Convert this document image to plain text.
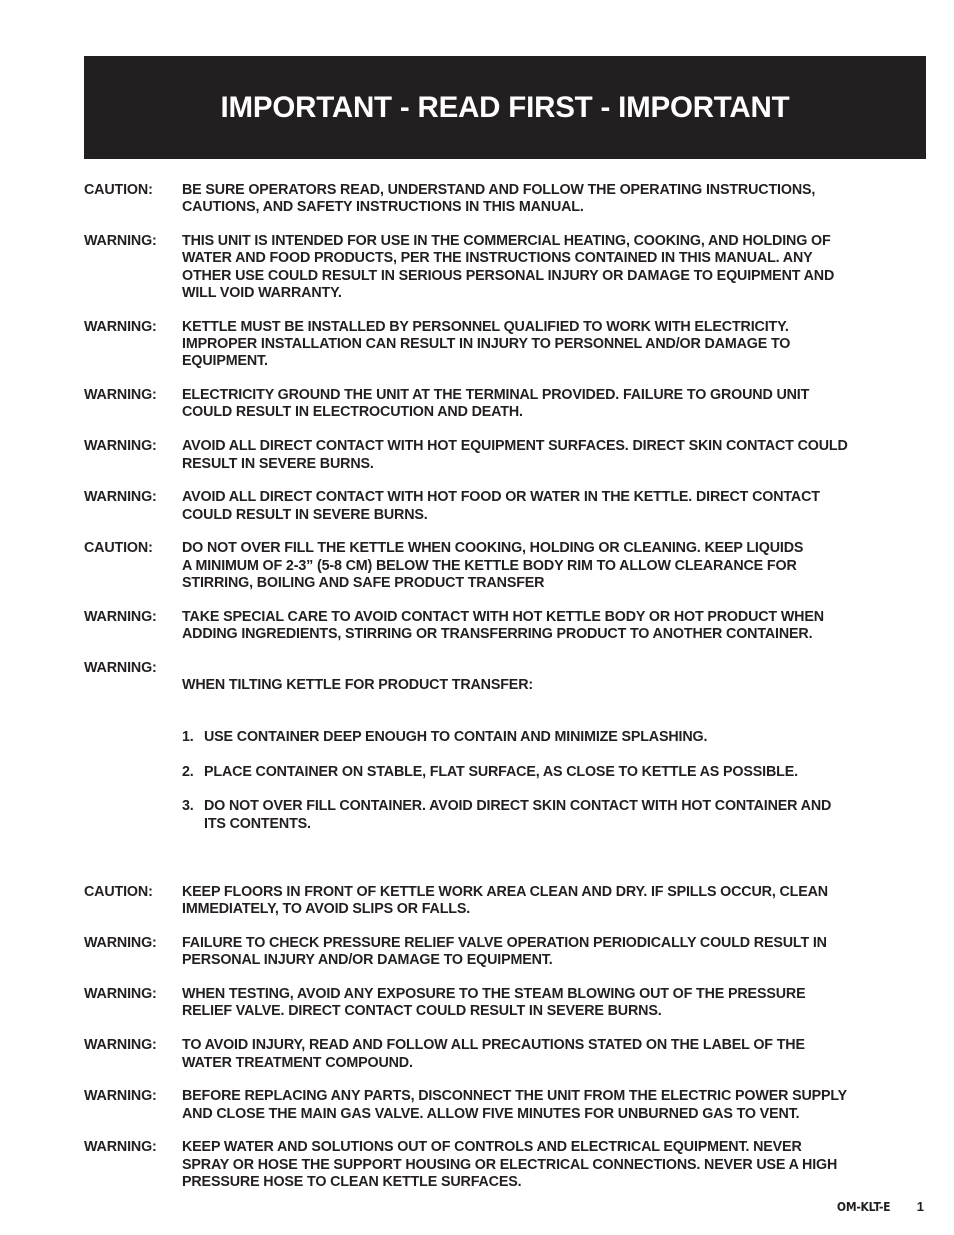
IMPORTANT - READ FIRST - IMPORTANT
CAUTION:	BE SURE OPERATORS READ, UNDERSTAND AND FOLLOW THE OPERATING INSTRUCTIONS,
CAUTIONS, AND SAFETY INSTRUCTIONS IN THIS MANUAL.
WARNING:	THIS UNIT IS INTENDED FOR USE IN THE COMMERCIAL HEATING, COOKING, AND HOLDING OF
WATER AND FOOD PRODUCTS, PER THE INSTRUCTIONS CONTAINED IN THIS MANUAL. ANY
OTHER USE COULD RESULT IN SERIOUS PERSONAL INJURY OR DAMAGE TO EQUIPMENT AND
WILL VOID WARRANTY.
WARNING:	KETTLE MUST BE INSTALLED BY PERSONNEL QUALIFIED TO WORK WITH ELECTRICITY.
IMPROPER INSTALLATION CAN RESULT IN INJURY TO PERSONNEL AND/OR DAMAGE TO
EQUIPMENT.
WARNING:	ELECTRICITY GROUND THE UNIT AT THE TERMINAL PROVIDED. FAILURE TO GROUND UNIT
COULD RESULT IN ELECTROCUTION AND DEATH.
WARNING:	AVOID ALL DIRECT CONTACT WITH HOT EQUIPMENT SURFACES. DIRECT SKIN CONTACT COULD
RESULT IN SEVERE BURNS.
WARNING:	AVOID ALL DIRECT CONTACT WITH HOT FOOD OR WATER IN THE KETTLE. DIRECT CONTACT
COULD RESULT IN SEVERE BURNS.
CAUTION:	DO NOT OVER FILL THE KETTLE WHEN COOKING, HOLDING OR CLEANING. KEEP LIQUIDS
A MINIMUM OF 2-3” (5-8 CM) BELOW THE KETTLE BODY RIM TO ALLOW CLEARANCE FOR
STIRRING, BOILING AND SAFE PRODUCT TRANSFER
WARNING:	TAKE SPECIAL CARE TO AVOID CONTACT WITH HOT KETTLE BODY OR HOT PRODUCT WHEN
ADDING INGREDIENTS, STIRRING OR TRANSFERRING PRODUCT TO ANOTHER CONTAINER.
WARNING:

WHEN TILTING KETTLE FOR PRODUCT TRANSFER:

1. USE CONTAINER DEEP ENOUGH TO CONTAIN AND MINIMIZE SPLASHING.

2. PLACE CONTAINER ON STABLE, FLAT SURFACE, AS CLOSE TO KETTLE AS POSSIBLE.

3. DO NOT OVER FILL CONTAINER. AVOID DIRECT SKIN CONTACT WITH HOT CONTAINER AND
ITS CONTENTS.

CAUTION:	KEEP FLOORS IN FRONT OF KETTLE WORK AREA CLEAN AND DRY. IF SPILLS OCCUR, CLEAN
IMMEDIATELY, TO AVOID SLIPS OR FALLS.
WARNING:	FAILURE TO CHECK PRESSURE RELIEF VALVE OPERATION PERIODICALLY COULD RESULT IN
PERSONAL INJURY AND/OR DAMAGE TO EQUIPMENT.
WARNING:	WHEN TESTING, AVOID ANY EXPOSURE TO THE STEAM BLOWING OUT OF THE PRESSURE
RELIEF VALVE. DIRECT CONTACT COULD RESULT IN SEVERE BURNS.
WARNING:	TO AVOID INJURY, READ AND FOLLOW ALL PRECAUTIONS STATED ON THE LABEL OF THE
WATER TREATMENT COMPOUND.
WARNING:	BEFORE REPLACING ANY PARTS, DISCONNECT THE UNIT FROM THE ELECTRIC POWER SUPPLY
AND CLOSE THE MAIN GAS VALVE. ALLOW FIVE MINUTES FOR UNBURNED GAS TO VENT.
WARNING:	KEEP WATER AND SOLUTIONS OUT OF CONTROLS AND ELECTRICAL EQUIPMENT. NEVER
SPRAY OR HOSE THE SUPPORT HOUSING OR ELECTRICAL CONNECTIONS. NEVER USE A HIGH
PRESSURE HOSE TO CLEAN KETTLE SURFACES.
OM-KLT-E 1
